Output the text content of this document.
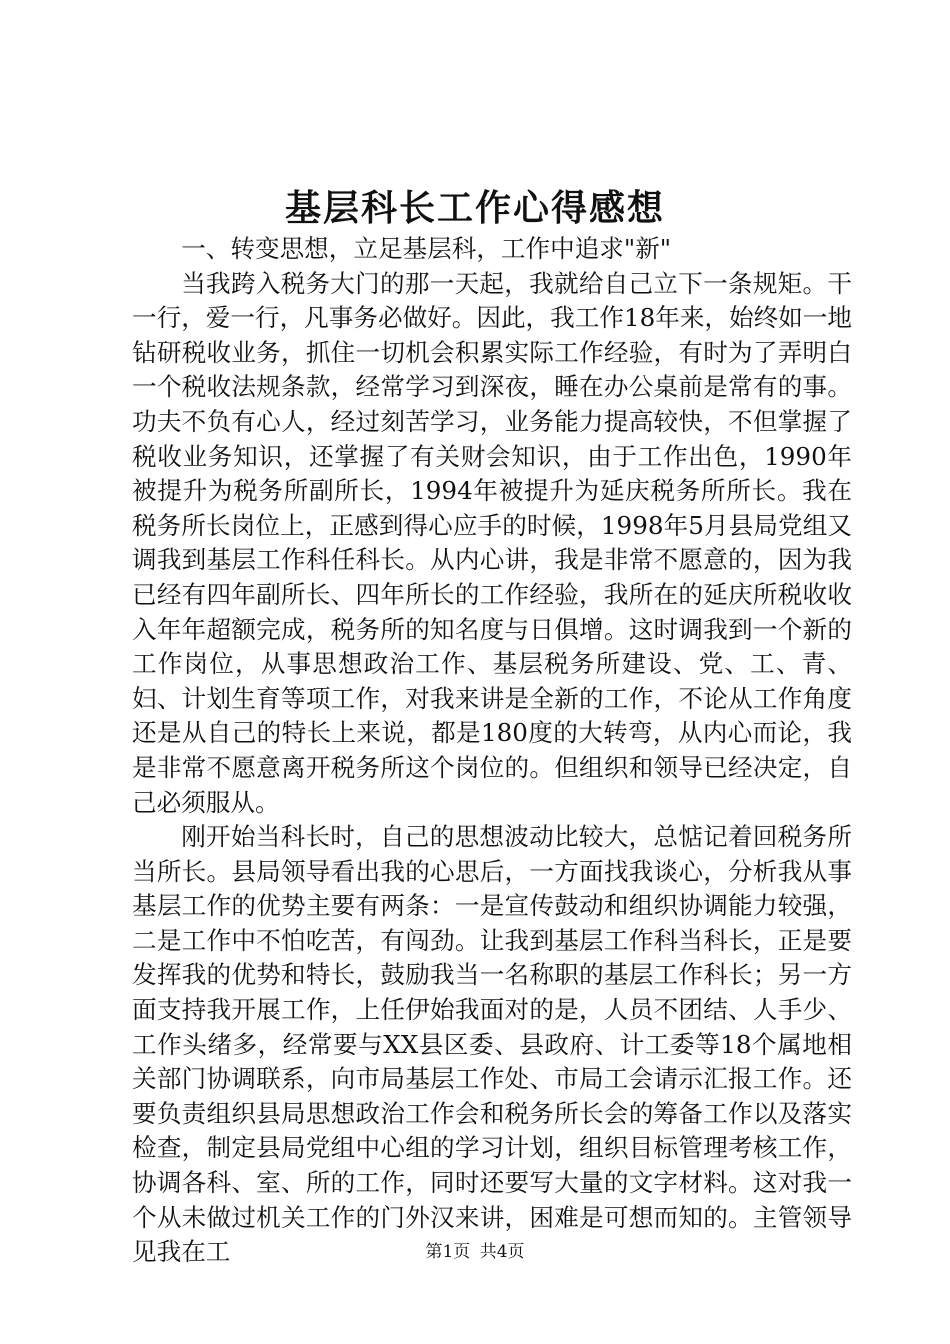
基层科长工作心得感想

一、转变思想，立足基层科，工作中追求"新"

当我跨入税务大门的那一天起，我就给自己立下一条规矩。干一行，爱一行，凡事务必做好。因此，我工作18年来，始终如一地钻研税收业务，抓住一切机会积累实际工作经验，有时为了弄明白一个税收法规条款，经常学习到深夜，睡在办公桌前是常有的事。功夫不负有心人，经过刻苦学习，业务能力提高较快，不但掌握了税收业务知识，还掌握了有关财会知识，由于工作出色，1990年被提升为税务所副所长，1994年被提升为延庆税务所所长。我在税务所长岗位上，正感到得心应手的时候，1998年5月县局党组又调我到基层工作科任科长。从内心讲，我是非常不愿意的，因为我已经有四年副所长、四年所长的工作经验，我所在的延庆所税收收入年年超额完成，税务所的知名度与日俱增。这时调我到一个新的工作岗位，从事思想政治工作、基层税务所建设、党、工、青、妇、计划生育等项工作，对我来讲是全新的工作，不论从工作角度还是从自己的特长上来说，都是180度的大转弯，从内心而论，我是非常不愿意离开税务所这个岗位的。但组织和领导已经决定，自己必须服从。

刚开始当科长时，自己的思想波动比较大，总惦记着回税务所当所长。县局领导看出我的心思后，一方面找我谈心，分析我从事基层工作的优势主要有两条：一是宣传鼓动和组织协调能力较强，二是工作中不怕吃苦，有闯劲。让我到基层工作科当科长，正是要发挥我的优势和特长，鼓励我当一名称职的基层工作科长；另一方面支持我开展工作，上任伊始我面对的是，人员不团结、人手少、工作头绪多，经常要与XX县区委、县政府、计工委等18个属地相关部门协调联系，向市局基层工作处、市局工会请示汇报工作。还要负责组织县局思想政治工作会和税务所长会的筹备工作以及落实检查，制定县局党组中心组的学习计划，组织目标管理考核工作，协调各科、室、所的工作，同时还要写大量的文字材料。这对我一个从未做过机关工作的门外汉来讲，困难是可想而知的。主管领导见我在工	第1页 共4页
